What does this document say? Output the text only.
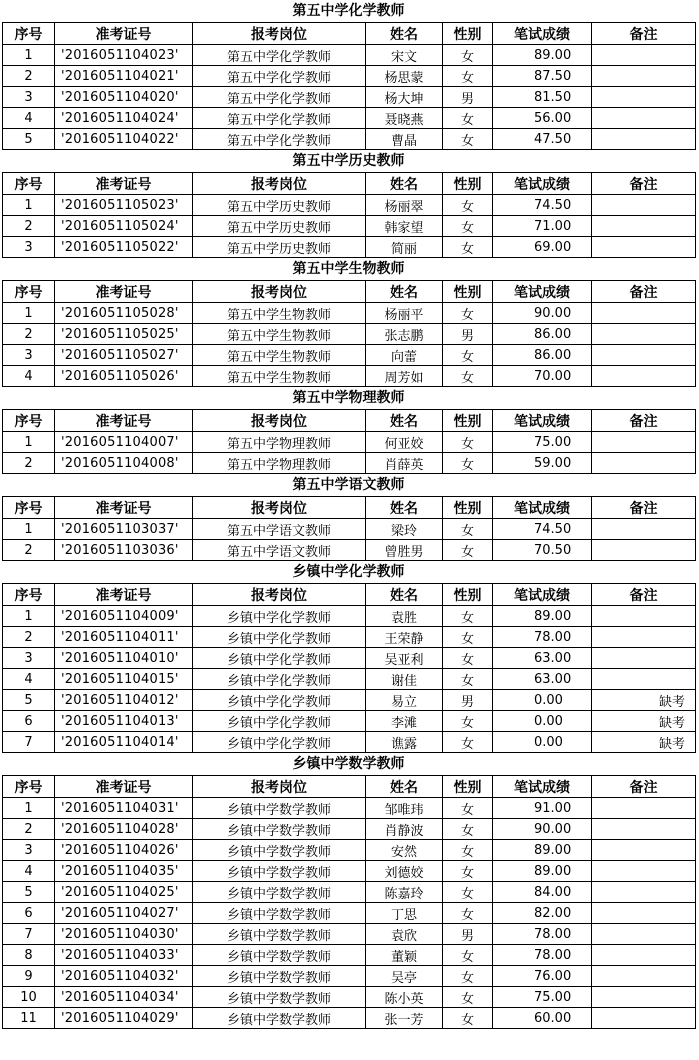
第五中学化学教师
序号	准考证号	报考岗位	姓名	性别	笔试成绩	备注
1	'2016051104023'	第五中学化学教师	宋文	女	89.00	
2	'2016051104021'	第五中学化学教师	杨思蒙	女	87.50	
3	'2016051104020'	第五中学化学教师	杨大坤	男	81.50	
4	'2016051104024'	第五中学化学教师	聂晓燕	女	56.00	
5	'2016051104022'	第五中学化学教师	曹晶	女	47.50	
第五中学历史教师
序号	准考证号	报考岗位	姓名	性别	笔试成绩	备注
1	'2016051105023'	第五中学历史教师	杨丽翠	女	74.50	
2	'2016051105024'	第五中学历史教师	韩家望	女	71.00	
3	'2016051105022'	第五中学历史教师	简丽	女	69.00	
第五中学生物教师
序号	准考证号	报考岗位	姓名	性别	笔试成绩	备注
1	'2016051105028'	第五中学生物教师	杨丽平	女	90.00	
2	'2016051105025'	第五中学生物教师	张志鹏	男	86.00	
3	'2016051105027'	第五中学生物教师	向蕾	女	86.00	
4	'2016051105026'	第五中学生物教师	周芳如	女	70.00	
第五中学物理教师
序号	准考证号	报考岗位	姓名	性别	笔试成绩	备注
1	'2016051104007'	第五中学物理教师	何亚姣	女	75.00	
2	'2016051104008'	第五中学物理教师	肖薛英	女	59.00	
第五中学语文教师
序号	准考证号	报考岗位	姓名	性别	笔试成绩	备注
1	'2016051103037'	第五中学语文教师	梁玲	女	74.50	
2	'2016051103036'	第五中学语文教师	曾胜男	女	70.50	
乡镇中学化学教师
序号	准考证号	报考岗位	姓名	性别	笔试成绩	备注
1	'2016051104009'	乡镇中学化学教师	袁胜	女	89.00	
2	'2016051104011'	乡镇中学化学教师	王荣静	女	78.00	
3	'2016051104010'	乡镇中学化学教师	吴亚利	女	63.00	
4	'2016051104015'	乡镇中学化学教师	谢佳	女	63.00	
5	'2016051104012'	乡镇中学化学教师	易立	男	0.00	缺考
6	'2016051104013'	乡镇中学化学教师	李滩	女	0.00	缺考
7	'2016051104014'	乡镇中学化学教师	谯露	女	0.00	缺考
乡镇中学数学教师
序号	准考证号	报考岗位	姓名	性别	笔试成绩	备注
1	'2016051104031'	乡镇中学数学教师	邹唯玮	女	91.00	
2	'2016051104028'	乡镇中学数学教师	肖静波	女	90.00	
3	'2016051104026'	乡镇中学数学教师	安然	女	89.00	
4	'2016051104035'	乡镇中学数学教师	刘德姣	女	89.00	
5	'2016051104025'	乡镇中学数学教师	陈嘉玲	女	84.00	
6	'2016051104027'	乡镇中学数学教师	丁思	女	82.00	
7	'2016051104030'	乡镇中学数学教师	袁欣	男	78.00	
8	'2016051104033'	乡镇中学数学教师	董颖	女	78.00	
9	'2016051104032'	乡镇中学数学教师	吴亭	女	76.00	
10	'2016051104034'	乡镇中学数学教师	陈小英	女	75.00	
11	'2016051104029'	乡镇中学数学教师	张一芳	女	60.00	
